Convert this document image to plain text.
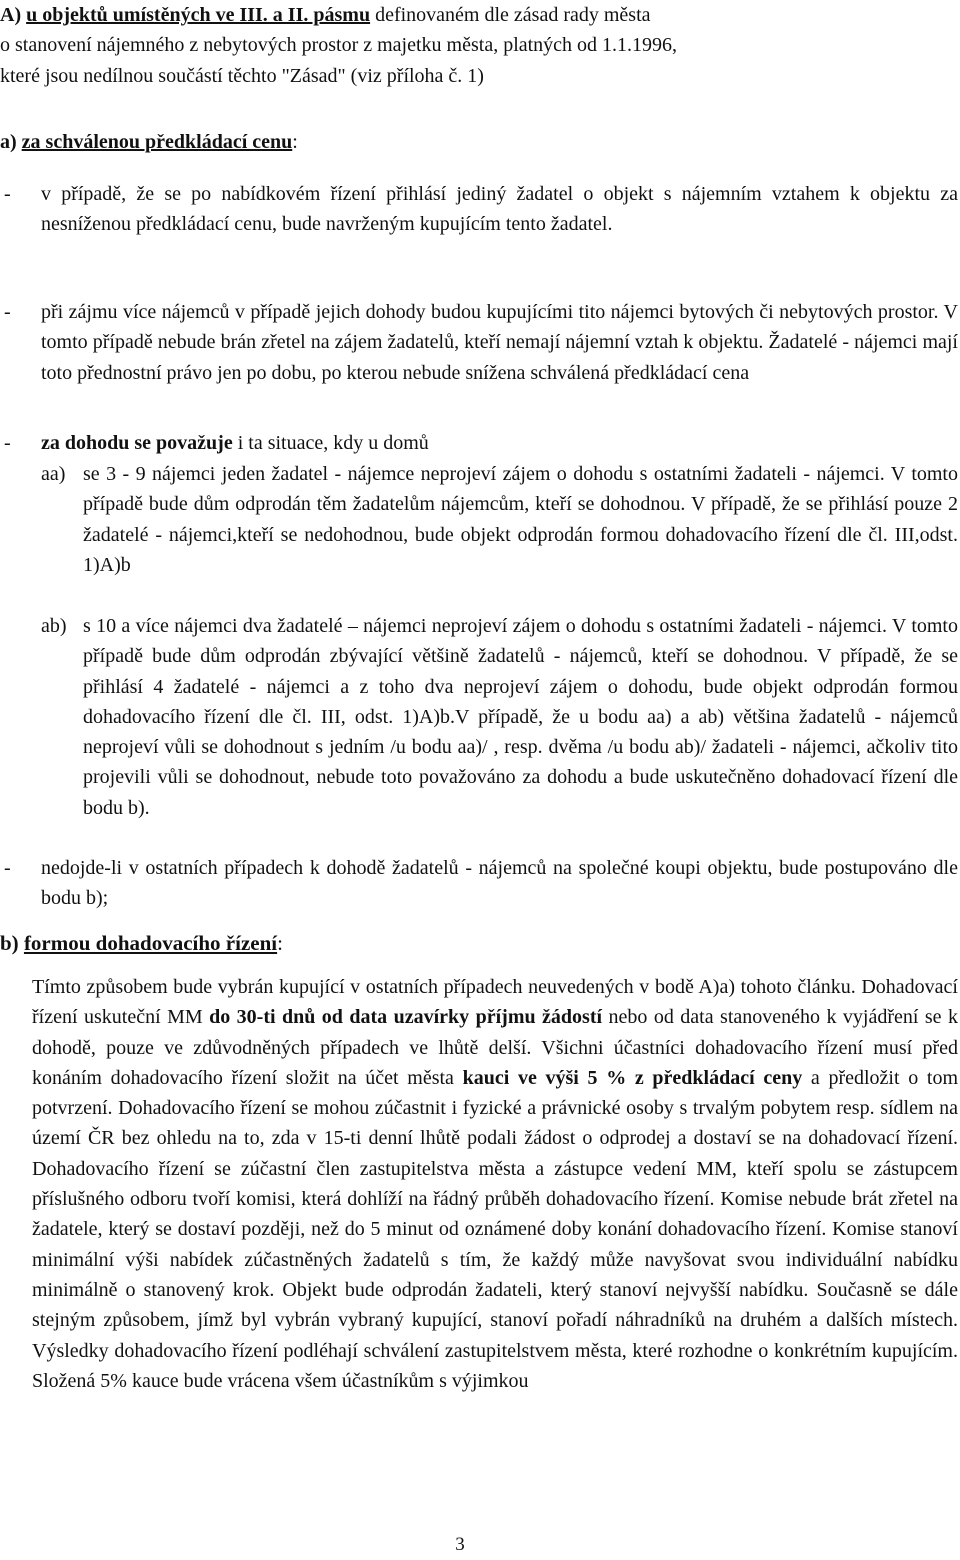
A) u objektů umístěných ve III. a II. pásmu definovaném dle zásad rady města

o stanovení nájemného z nebytových prostor z majetku města, platných od 1.1.1996,

které jsou nedílnou součástí těchto "Zásad" (viz příloha č. 1)

a) za schválenou předkládací cenu:

- v případě, že se po nabídkovém řízení přihlásí jediný žadatel o objekt s nájemním vztahem k objektu za nesníženou předkládací cenu, bude navrženým kupujícím tento žadatel.

- při zájmu více nájemců v případě jejich dohody budou kupujícími tito nájemci bytových či nebytových prostor. V tomto případě nebude brán zřetel na zájem žadatelů, kteří nemají nájemní vztah k objektu. Žadatelé - nájemci mají toto přednostní právo jen po dobu, po kterou nebude snížena schválená předkládací cena

- za dohodu se považuje i ta situace, kdy u domů

aa) se 3 - 9 nájemci jeden žadatel - nájemce neprojeví zájem o dohodu s ostatními žadateli - nájemci. V tomto případě bude dům odprodán těm žadatelům nájemcům, kteří se dohodnou. V případě, že se přihlásí pouze 2 žadatelé - nájemci,kteří se nedohodnou, bude objekt odprodán formou dohadovacího řízení dle čl. III,odst. 1)A)b

ab) s 10 a více nájemci dva žadatelé – nájemci neprojeví zájem o dohodu s ostatními žadateli - nájemci. V tomto případě bude dům odprodán zbývající většině žadatelů - nájemců, kteří se dohodnou. V případě, že se přihlásí 4 žadatelé - nájemci a z toho dva neprojeví zájem o dohodu, bude objekt odprodán formou dohadovacího řízení dle čl. III, odst. 1)A)b.V případě, že u bodu aa) a ab) většina žadatelů - nájemců neprojeví vůli se dohodnout s jedním /u bodu aa)/ , resp. dvěma /u bodu ab)/ žadateli - nájemci, ačkoliv tito projevili vůli se dohodnout, nebude toto považováno za dohodu a bude uskutečněno dohadovací řízení dle bodu b).

- nedojde-li v ostatních případech k dohodě žadatelů - nájemců na společné koupi objektu, bude postupováno dle bodu b);

b) formou dohadovacího řízení:

Tímto způsobem bude vybrán kupující v ostatních případech neuvedených v bodě A)a) tohoto článku. Dohadovací řízení uskuteční MM do 30-ti dnů od data uzavírky příjmu žádostí nebo od data stanoveného k vyjádření se k dohodě, pouze ve zdůvodněných případech ve lhůtě delší. Všichni účastníci dohadovacího řízení musí před konáním dohadovacího řízení složit na účet města kauci ve výši 5 % z předkládací ceny a předložit o tom potvrzení. Dohadovacího řízení se mohou zúčastnit i fyzické a právnické osoby s trvalým pobytem resp. sídlem na území ČR bez ohledu na to, zda v 15-ti denní lhůtě podali žádost o odprodej a dostaví se na dohadovací řízení. Dohadovacího řízení se zúčastní člen zastupitelstva města a zástupce vedení MM, kteří spolu se zástupcem příslušného odboru tvoří komisi, která dohlíží na řádný průběh dohadovacího řízení. Komise nebude brát zřetel na žadatele, který se dostaví později, než do 5 minut od oznámené doby konání dohadovacího řízení. Komise stanoví minimální výši nabídek zúčastněných žadatelů s tím, že každý může navyšovat svou individuální nabídku minimálně o stanovený krok. Objekt bude odprodán žadateli, který stanoví nejvyšší nabídku. Současně se dále stejným způsobem, jímž byl vybrán vybraný kupující, stanoví pořadí náhradníků na druhém a dalších místech. Výsledky dohadovacího řízení podléhají schválení zastupitelstvem města, které rozhodne o konkrétním kupujícím. Složená 5% kauce bude vrácena všem účastníkům s výjimkou

3
